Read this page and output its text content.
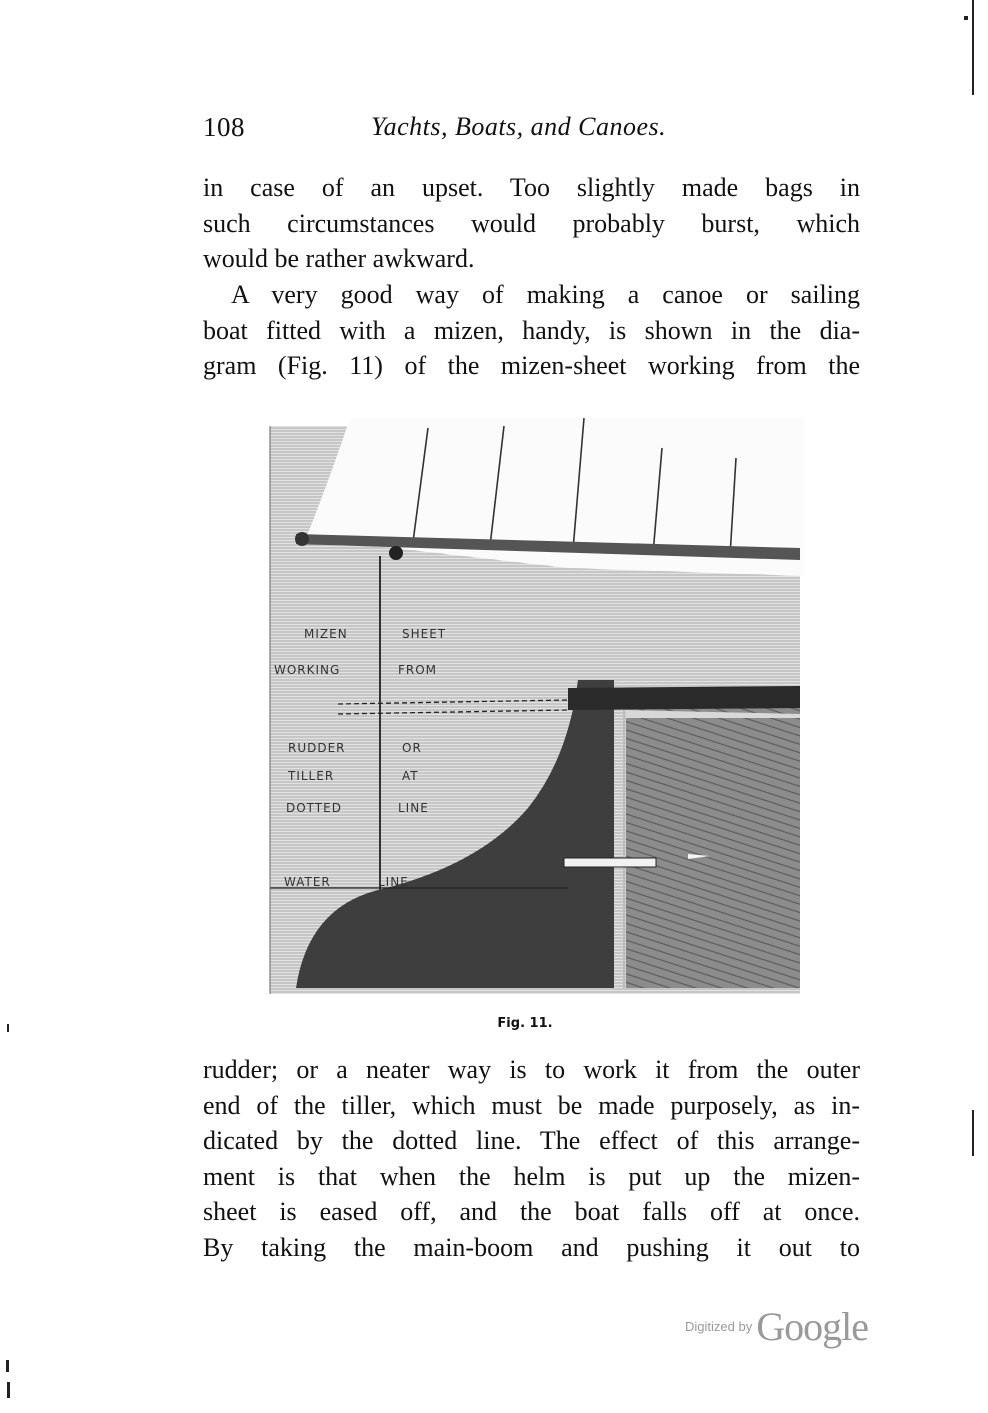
108	Yachts, Boats, and Canoes.
in case of an upset. Too slightly made bags in
such circumstances would probably burst, which
would be rather awkward.
A very good way of making a canoe or sailing
boat fitted with a mizen, handy, is shown in the dia-
gram (Fig. 11) of the mizen-sheet working from the
MIZEN	SHEET
WORKING	FROM
RUDDER	OR
TILLER	AT
DOTTED	LINE
WATER	LINE
Fig. 11.
rudder; or a neater way is to work it from the outer
end of the tiller, which must be made purposely, as in-
dicated by the dotted line. The effect of this arrange-
ment is that when the helm is put up the mizen-
sheet is eased off, and the boat falls off at once.
By taking the main-boom and pushing it out to
Digitized by Google
